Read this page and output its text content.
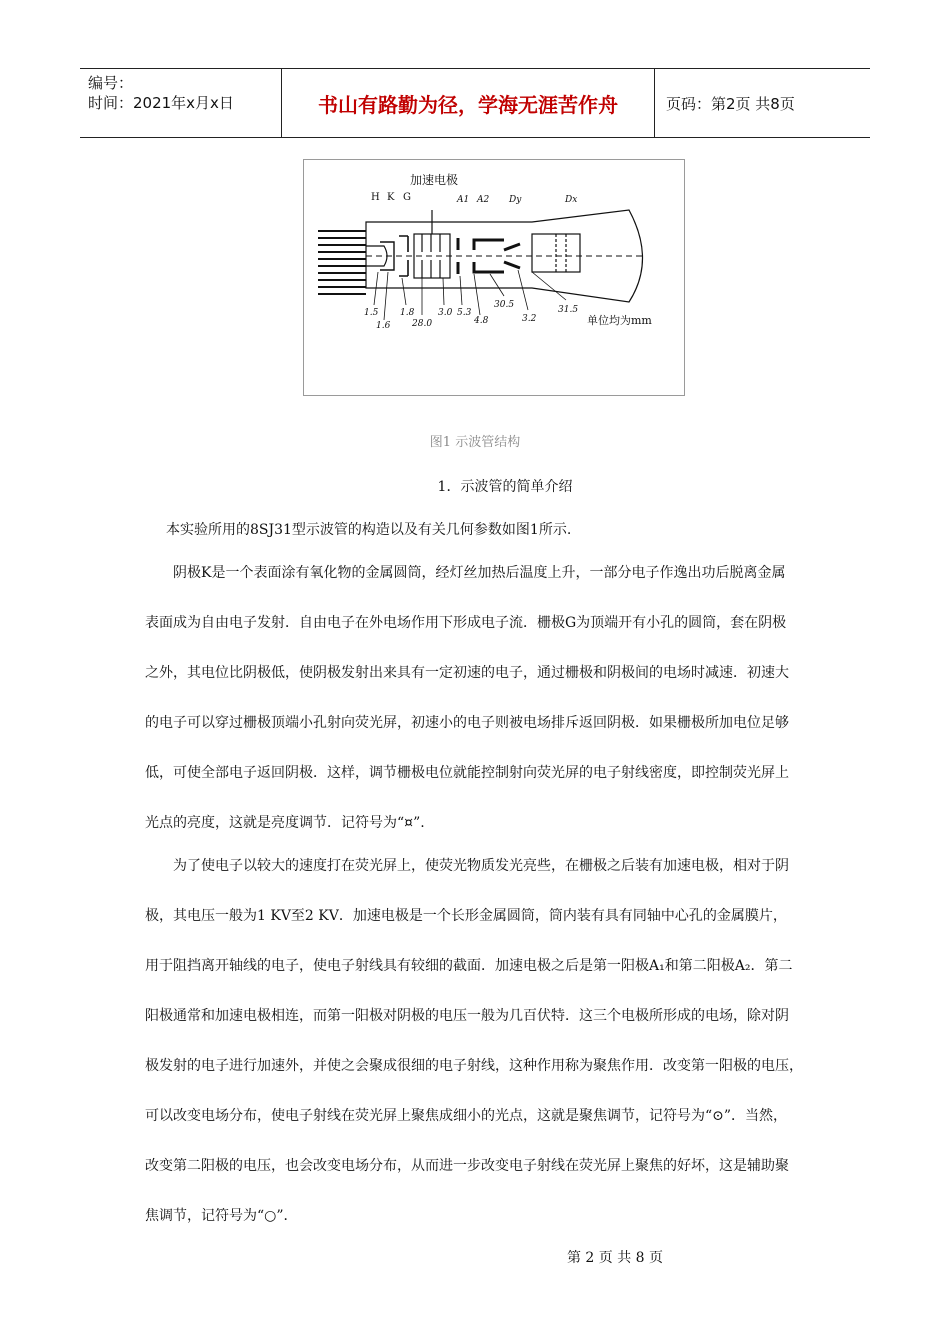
编号：
时间：2021年x月x日	书山有路勤为径，学海无涯苦作舟	页码：第2页 共8页
加速电极
H K G	A1 A2 Dy	Dx
1.5
1.6
1.8
28.0
3.0 5.3
4.8
30.5
3.2
31.5
单位均为mm
图1 示波管结构
1．示波管的简单介绍
本实验所用的8SJ31型示波管的构造以及有关几何参数如图1所示.
阴极K是一个表面涂有氧化物的金属圆筒，经灯丝加热后温度上升，一部分电子作逸出功后脱离金属
表面成为自由电子发射．自由电子在外电场作用下形成电子流．栅极G为顶端开有小孔的圆筒，套在阴极
之外，其电位比阴极低，使阴极发射出来具有一定初速的电子，通过栅极和阴极间的电场时减速．初速大
的电子可以穿过栅极顶端小孔射向荧光屏，初速小的电子则被电场排斥返回阴极．如果栅极所加电位足够
低，可使全部电子返回阴极．这样，调节栅极电位就能控制射向荧光屏的电子射线密度，即控制荧光屏上
光点的亮度，这就是亮度调节．记符号为“¤”.
为了使电子以较大的速度打在荧光屏上，使荧光物质发光亮些，在栅极之后装有加速电极，相对于阴
极，其电压一般为1 KV至2 KV．加速电极是一个长形金属圆筒，筒内装有具有同轴中心孔的金属膜片，
用于阻挡离开轴线的电子，使电子射线具有较细的截面．加速电极之后是第一阳极A₁和第二阳极A₂．第二
阳极通常和加速电极相连，而第一阳极对阴极的电压一般为几百伏特．这三个电极所形成的电场，除对阴
极发射的电子进行加速外，并使之会聚成很细的电子射线，这种作用称为聚焦作用．改变第一阳极的电压，
可以改变电场分布，使电子射线在荧光屏上聚焦成细小的光点，这就是聚焦调节，记符号为“⊙”．当然，
改变第二阳极的电压，也会改变电场分布，从而进一步改变电子射线在荧光屏上聚焦的好坏，这是辅助聚
焦调节，记符号为“○”．
第 2 页 共 8 页
